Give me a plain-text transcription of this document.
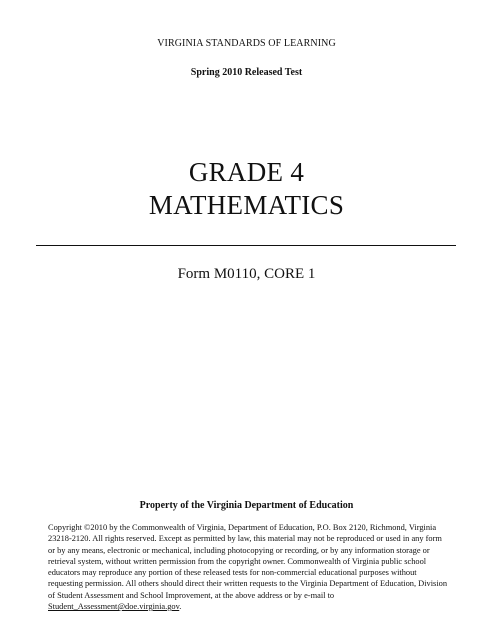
VIRGINIA STANDARDS OF LEARNING
Spring 2010 Released Test
GRADE 4
MATHEMATICS
Form M0110, CORE 1
Property of the Virginia Department of Education
Copyright ©2010 by the Commonwealth of Virginia, Department of Education, P.O. Box 2120, Richmond, Virginia 23218-2120. All rights reserved. Except as permitted by law, this material may not be reproduced or used in any form or by any means, electronic or mechanical, including photocopying or recording, or by any information storage or retrieval system, without written permission from the copyright owner. Commonwealth of Virginia public school educators may reproduce any portion of these released tests for non-commercial educational purposes without requesting permission. All others should direct their written requests to the Virginia Department of Education, Division of Student Assessment and School Improvement, at the above address or by e-mail to Student_Assessment@doe.virginia.gov.
